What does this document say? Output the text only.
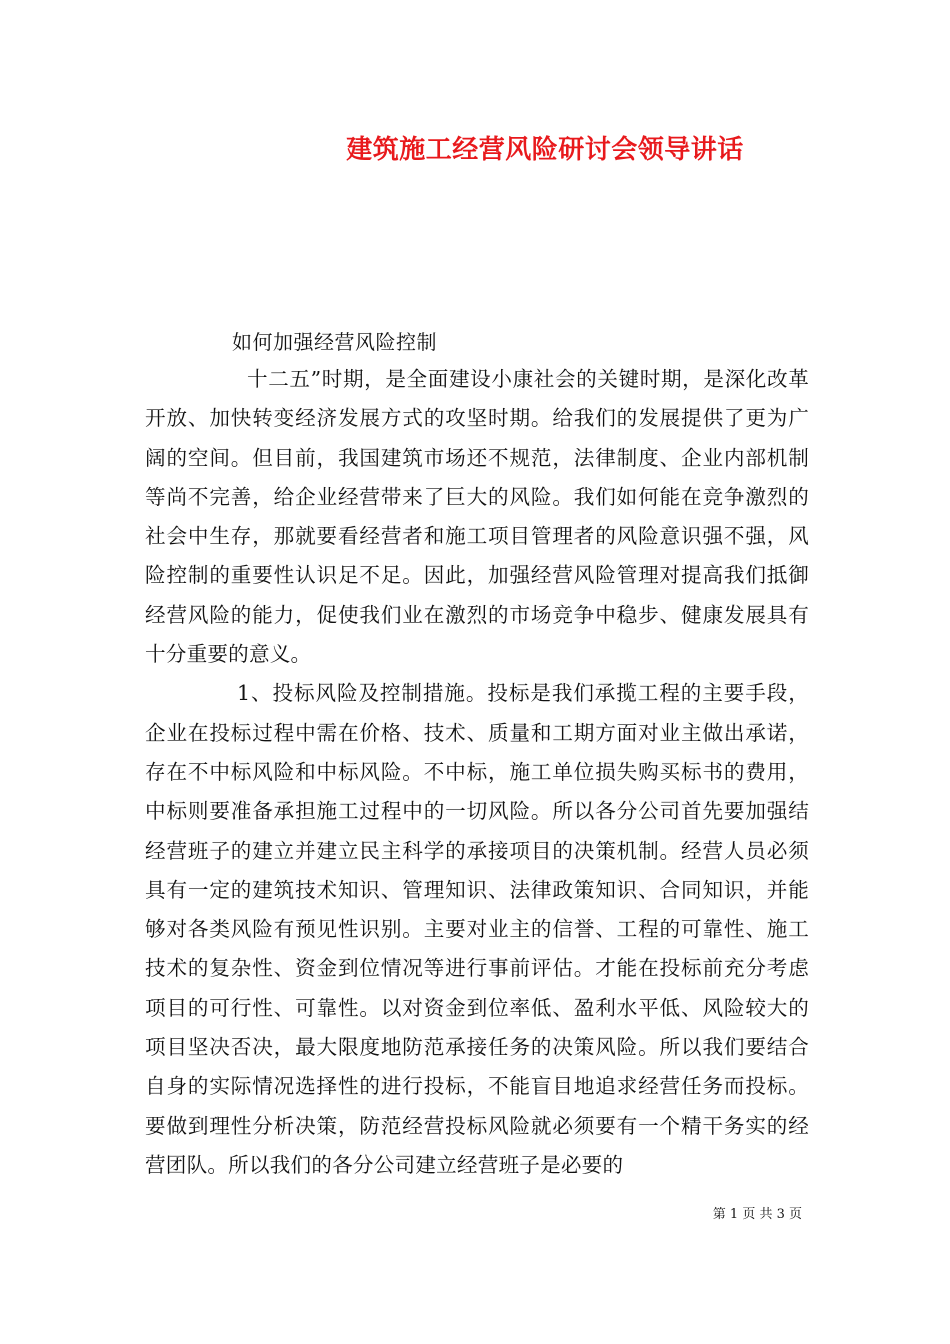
建筑施工经营风险研讨会领导讲话
如何加强经营风险控制

十二五”时期，是全面建设小康社会的关键时期，是深化改革开放、加快转变经济发展方式的攻坚时期。给我们的发展提供了更为广阔的空间。但目前，我国建筑市场还不规范，法律制度、企业内部机制等尚不完善，给企业经营带来了巨大的风险。我们如何能在竞争激烈的社会中生存，那就要看经营者和施工项目管理者的风险意识强不强，风险控制的重要性认识足不足。因此，加强经营风险管理对提高我们抵御经营风险的能力，促使我们业在激烈的市场竞争中稳步、健康发展具有十分重要的意义。

1、投标风险及控制措施。投标是我们承揽工程的主要手段，企业在投标过程中需在价格、技术、质量和工期方面对业主做出承诺，存在不中标风险和中标风险。不中标，施工单位损失购买标书的费用，中标则要准备承担施工过程中的一切风险。所以各分公司首先要加强结经营班子的建立并建立民主科学的承接项目的决策机制。经营人员必须具有一定的建筑技术知识、管理知识、法律政策知识、合同知识，并能够对各类风险有预见性识别。主要对业主的信誉、工程的可靠性、施工技术的复杂性、资金到位情况等进行事前评估。才能在投标前充分考虑项目的可行性、可靠性。以对资金到位率低、盈利水平低、风险较大的项目坚决否决，最大限度地防范承接任务的决策风险。所以我们要结合自身的实际情况选择性的进行投标，不能盲目地追求经营任务而投标。要做到理性分析决策，防范经营投标风险就必须要有一个精干务实的经营团队。所以我们的各分公司建立经营班子是必要的

第 1 页 共 3 页
